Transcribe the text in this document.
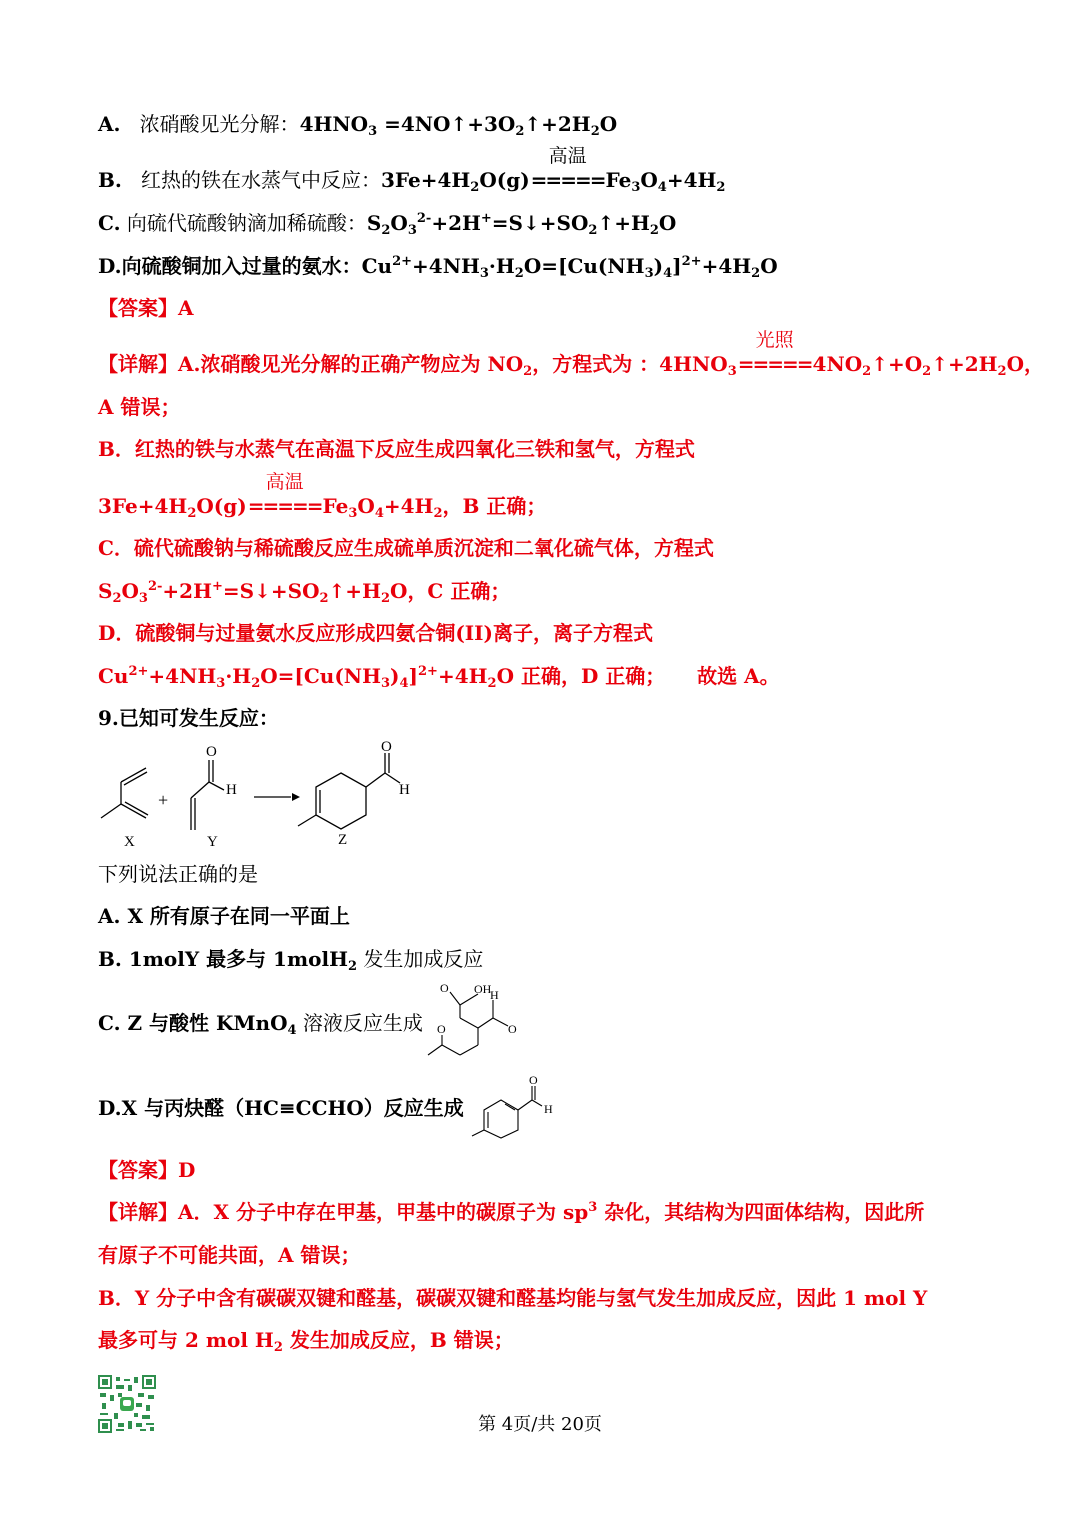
A. 浓硝酸见光分解：$4HNO_3$ $=4NO↑+3O_2↑+2H_2O$
B. 红热的铁在水蒸气中反应：$3Fe+4H_2O(g)$
高温
$=====Fe_3O_4+4H_2$
C. 向硫代硫酸钠滴加稀硫酸：$S_2O_3^{2-}+2H^+=S↓+SO_2↑+H_2O$
D.向硫酸铜加入过量的氨水：$Cu^{2+}+4NH_3\cdot H_2O=[Cu(NH_3)_4]^{2+}+4H_2O$
【答案】A
【详解】A.浓硝酸见光分解的正确产物应为 $NO_2$，方程式为 ：$4HNO_3$
光照
$=====4NO_2↑+O_2↑+2H_2O$，
A 错误；
B．红热的铁与水蒸气在高温下反应生成四氧化三铁和氢气，方程式
$3Fe+4H_2O(g)$
高温
$=====Fe_3O_4+4H_2$，B 正确；
C．硫代硫酸钠与稀硫酸反应生成硫单质沉淀和二氧化硫气体，方程式
$S_2O_3^{2-}+2H^+=S↓+SO_2↑+H_2O$，C 正确；
D．硫酸铜与过量氨水反应形成四氨合铜(II)离子，离子方程式
$Cu^{2+}+4NH_3\cdot H_2O=[Cu(NH_3)_4]^{2+}+4H_2O$ 正确，D 正确； 故选 A。
9.已知可发生反应：
X	Y	Z
O
H
O
H
+
下列说法正确的是
A. X 所有原子在同一平面上
B. 1molY 最多与 1molH$_2$ 发生加成反应
C. Z 与酸性 KMnO$_4$ 溶液反应生成
O OH
H
O
O
D.X 与丙炔醛（HC≡CCHO）反应生成
O
H
【答案】D
【详解】A．X 分子中存在甲基，甲基中的碳原子为 $sp^3$ 杂化，其结构为四面体结构，因此所
有原子不可能共面，A 错误；
B．Y 分子中含有碳碳双键和醛基，碳碳双键和醛基均能与氢气发生加成反应，因此 1 mol Y
最多可与 2 mol $H_2$ 发生加成反应，B 错误；
第 4页/共 20页
